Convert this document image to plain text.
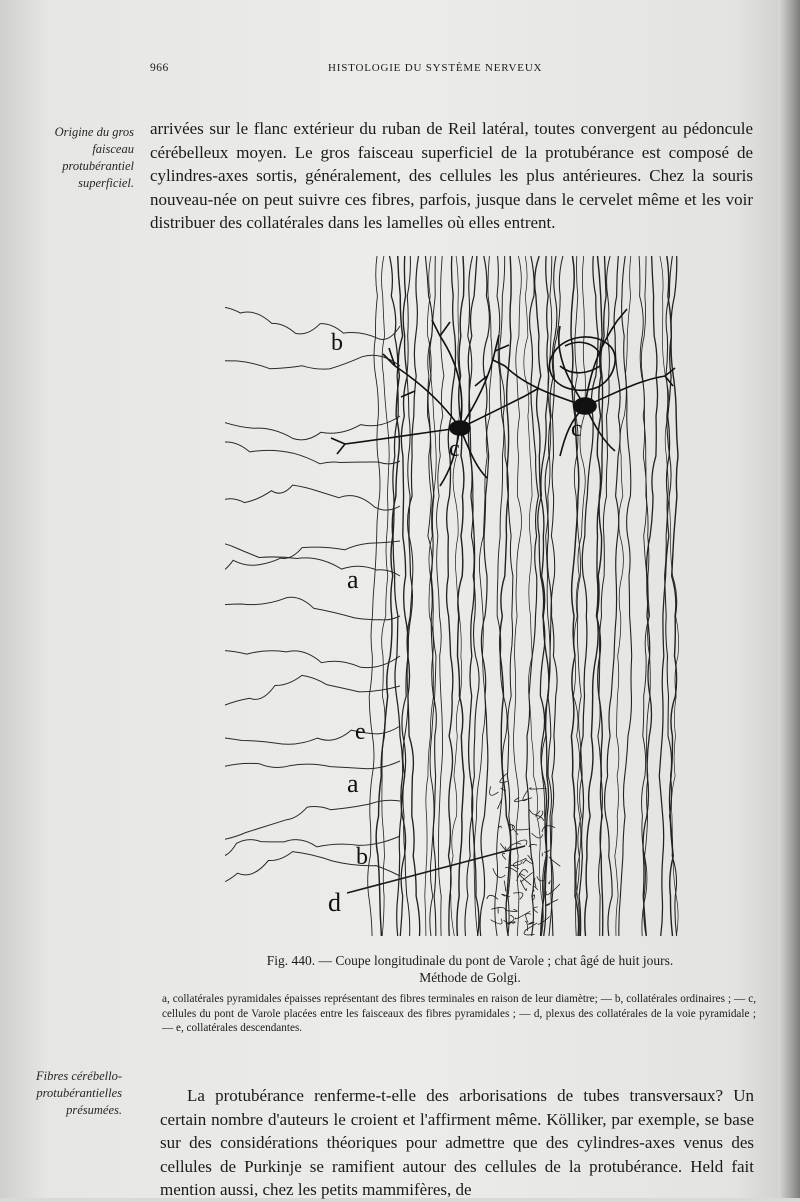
966	HISTOLOGIE DU SYSTÈME NERVEUX
Origine du gros faisceau protubérantiel superficiel.

arrivées sur le flanc extérieur du ruban de Reil latéral, toutes convergent au pédoncule cérébelleux moyen. Le gros faisceau superficiel de la protubérance est composé de cylindres-axes sortis, généralement, des cellules les plus antérieures. Chez la souris nouveau-née on peut suivre ces fibres, parfois, jusque dans le cervelet même et les voir distribuer des collatérales dans les lamelles où elles entrent.

b
c
c
a
e
a
b
d
Fig. 440. — Coupe longitudinale du pont de Varole ; chat âgé de huit jours.
Méthode de Golgi.
a, collatérales pyramidales épaisses représentant des fibres terminales en raison de leur diamètre; — b, collatérales ordinaires ; — c, cellules du pont de Varole placées entre les faisceaux des fibres pyramidales ; — d, plexus des collatérales de la voie pyramidale ; — e, collatérales descendantes.
Fibres cérébello-protubérantielles présumées.

La protubérance renferme-t-elle des arborisations de tubes transversaux? Un certain nombre d'auteurs le croient et l'affirment même. Kölliker, par exemple, se base sur des considérations théoriques pour admettre que des cylindres-axes venus des cellules de Purkinje se ramifient autour des cellules de la protubérance. Held fait mention aussi, chez les petits mammifères, de
